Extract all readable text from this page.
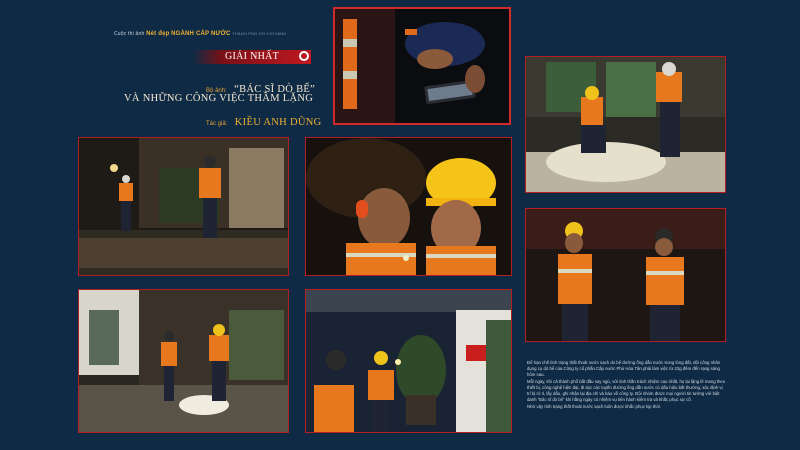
Cuộc thi ảnh Nét đẹp NGÀNH CẤP NƯỚC THÀNH PHỐ HỒ CHÍ MINH
GIẢI NHẤT
Bộ ảnh: “BÁC SĨ DÒ BỂ”
VÀ NHỮNG CÔNG VIỆC THẦM LẶNG
Tác giả: KIỀU ANH DŨNG

Để hạn chế tình trạng thất thoát nước sạch do bể đường ống dẫn nước trong lòng đất, đội công nhân dụng cụ dò bể của Công ty cổ phần Cấp nước Phú Hòa Tân phải làm việc từ 22g đêm đến rạng sáng hôm sau.

Mỗi ngày, khi cả thành phố bắt đầu say ngủ, với tinh thần trách nhiệm cao nhất, họ lại lặng lẽ mang theo thiết bị, công nghệ hiện đại, đi dọc các tuyến đường ống dẫn nước có dấu hiệu bất thường, xác định vị trí bị rò rỉ, lấy dấu, ghi nhận lại địa chỉ và báo về công ty. Đội nhóm được mọi người tin tưởng với biệt danh “Bác sĩ dò bể” khi hằng ngày có nhiệm vụ tiên hành kiểm tra và khắc phục sự cố.

Nhờ vậy tình trạng thất thoát nước sạch luôn được khắc phục kịp thời.
